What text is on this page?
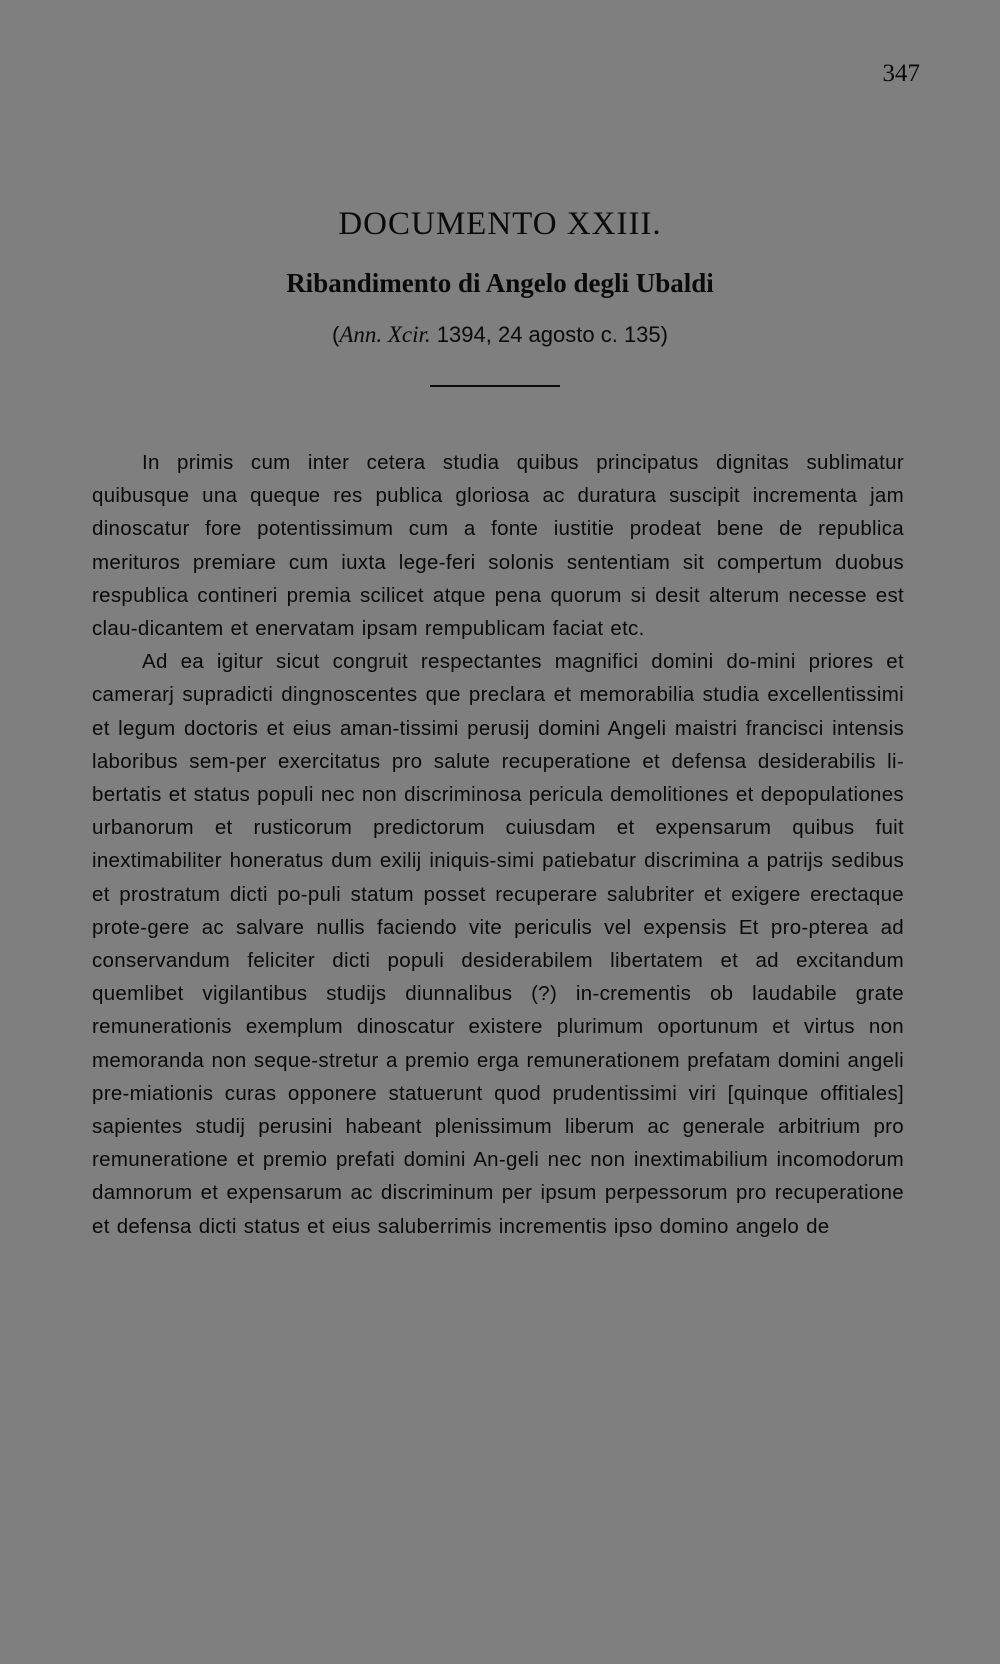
347
DOCUMENTO XXIII.
Ribandimento di Angelo degli Ubaldi
(Ann. Xcir. 1394, 24 agosto c. 135)

In primis cum inter cetera studia quibus principatus dignitas sublimatur quibusque una queque res publica gloriosa ac duratura suscipit incrementa jam dinoscatur fore potentissimum cum a fonte iustitie prodeat bene de republica merituros premiare cum iuxta lege-feri solonis sententiam sit compertum duobus respublica contineri premia scilicet atque pena quorum si desit alterum necesse est clau-dicantem et enervatam ipsam rempublicam faciat etc.

Ad ea igitur sicut congruit respectantes magnifici domini do-mini priores et camerarj supradicti dingnoscentes que preclara et memorabilia studia excellentissimi et legum doctoris et eius aman-tissimi perusij domini Angeli maistri francisci intensis laboribus sem-per exercitatus pro salute recuperatione et defensa desiderabilis li-bertatis et status populi nec non discriminosa pericula demolitiones et depopulationes urbanorum et rusticorum predictorum cuiusdam et expensarum quibus fuit inextimabiliter honeratus dum exilij iniquis-simi patiebatur discrimina a patrijs sedibus et prostratum dicti po-puli statum posset recuperare salubriter et exigere erectaque prote-gere ac salvare nullis faciendo vite periculis vel expensis Et pro-pterea ad conservandum feliciter dicti populi desiderabilem libertatem et ad excitandum quemlibet vigilantibus studijs diunnalibus (?) in-crementis ob laudabile grate remunerationis exemplum dinoscatur existere plurimum oportunum et virtus non memoranda non seque-stretur a premio erga remunerationem prefatam domini angeli pre-miationis curas opponere statuerunt quod prudentissimi viri [quinque offitiales] sapientes studij perusini habeant plenissimum liberum ac generale arbitrium pro remuneratione et premio prefati domini An-geli nec non inextimabilium incomodorum damnorum et expensarum ac discriminum per ipsum perpessorum pro recuperatione et defensa dicti status et eius saluberrimis incrementis ipso domino angelo de
